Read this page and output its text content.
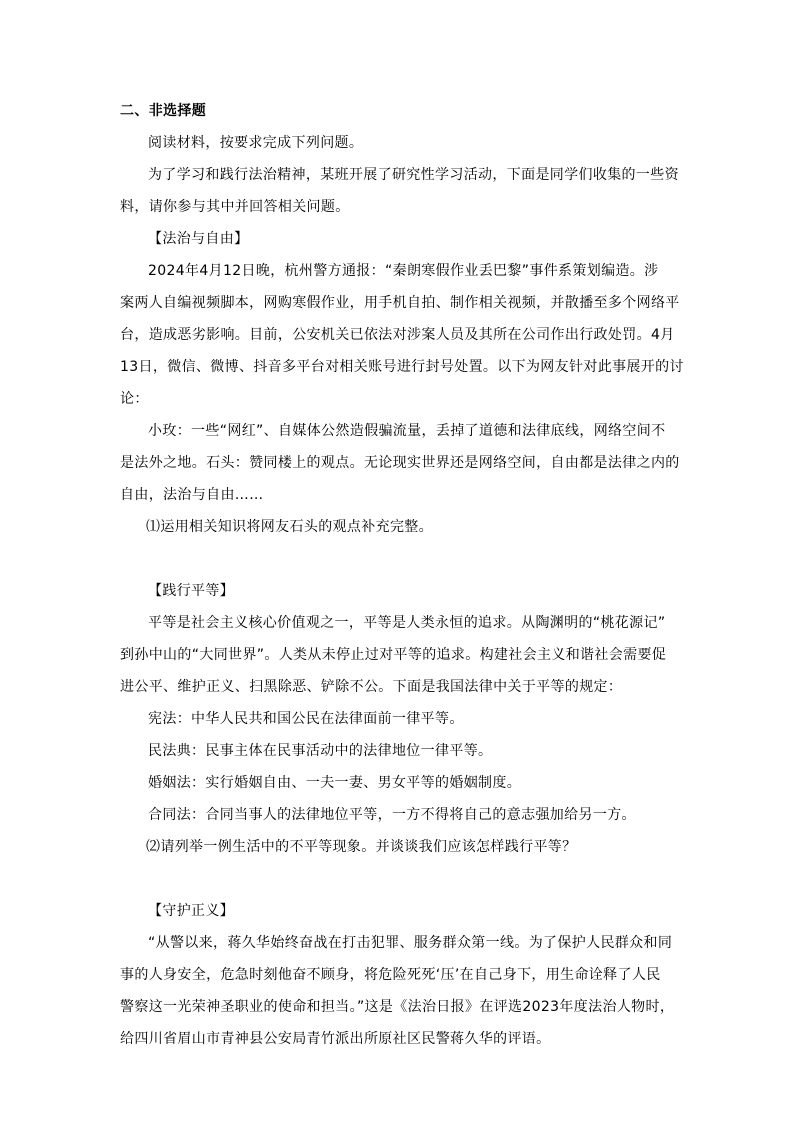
二、非选择题
阅读材料，按要求完成下列问题。
为了学习和践行法治精神，某班开展了研究性学习活动，下面是同学们收集的一些资
料，请你参与其中并回答相关问题。
【法治与自由】
2024年4月12日晚，杭州警方通报：“秦朗寒假作业丢巴黎”事件系策划编造。涉
案两人自编视频脚本，网购寒假作业，用手机自拍、制作相关视频，并散播至多个网络平
台，造成恶劣影响。目前，公安机关已依法对涉案人员及其所在公司作出行政处罚。4月
13日，微信、微博、抖音多平台对相关账号进行封号处置。以下为网友针对此事展开的讨
论：
小玫：一些“网红”、自媒体公然造假骗流量，丢掉了道德和法律底线，网络空间不
是法外之地。石头：赞同楼上的观点。无论现实世界还是网络空间，自由都是法律之内的
自由，法治与自由……
⑴运用相关知识将网友石头的观点补充完整。
【践行平等】
平等是社会主义核心价值观之一，平等是人类永恒的追求。从陶渊明的“桃花源记”
到孙中山的“大同世界”。人类从未停止过对平等的追求。构建社会主义和谐社会需要促
进公平、维护正义、扫黑除恶、铲除不公。下面是我国法律中关于平等的规定：
宪法：中华人民共和国公民在法律面前一律平等。
民法典：民事主体在民事活动中的法律地位一律平等。
婚姻法：实行婚姻自由、一夫一妻、男女平等的婚姻制度。
合同法：合同当事人的法律地位平等，一方不得将自己的意志强加给另一方。
⑵请列举一例生活中的不平等现象。并谈谈我们应该怎样践行平等？
【守护正义】
“从警以来，蒋久华始终奋战在打击犯罪、服务群众第一线。为了保护人民群众和同
事的人身安全，危急时刻他奋不顾身，将危险死死‘压’在自己身下，用生命诠释了人民
警察这一光荣神圣职业的使命和担当。”这是《法治日报》在评选2023年度法治人物时，
给四川省眉山市青神县公安局青竹派出所原社区民警蒋久华的评语。
